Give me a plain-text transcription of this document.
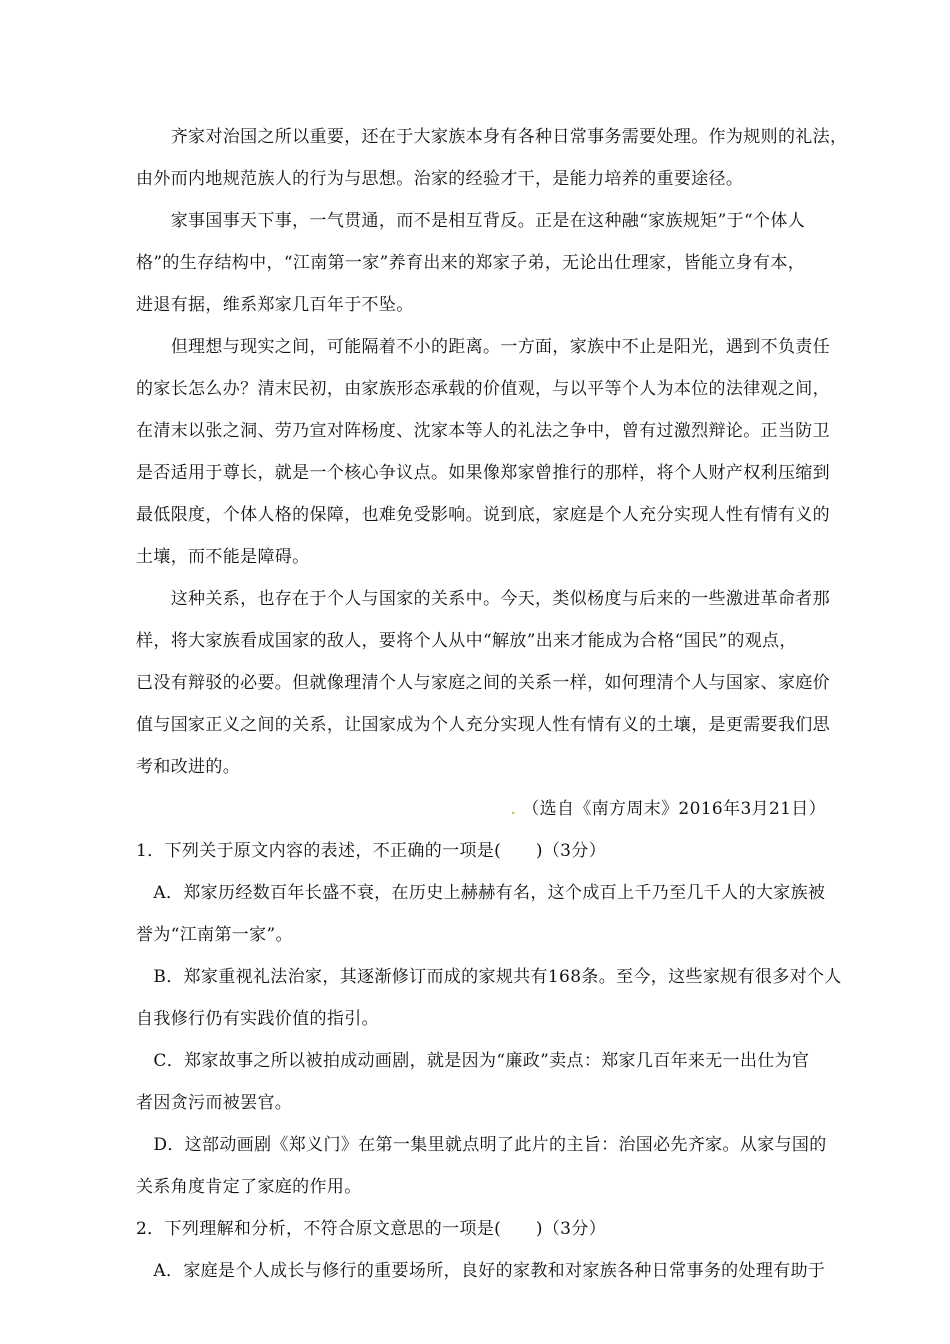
　　齐家对治国之所以重要，还在于大家族本身有各种日常事务需要处理。作为规则的礼法，
由外而内地规范族人的行为与思想。治家的经验才干，是能力培养的重要途径。
　　家事国事天下事，一气贯通，而不是相互背反。正是在这种融“家族规矩”于“个体人
格”的生存结构中，“江南第一家”养育出来的郑家子弟，无论出仕理家，皆能立身有本，
进退有据，维系郑家几百年于不坠。
　　但理想与现实之间，可能隔着不小的距离。一方面，家族中不止是阳光，遇到不负责任
的家长怎么办？清末民初，由家族形态承载的价值观，与以平等个人为本位的法律观之间，
在清末以张之洞、劳乃宣对阵杨度、沈家本等人的礼法之争中，曾有过激烈辩论。正当防卫
是否适用于尊长，就是一个核心争议点。如果像郑家曾推行的那样，将个人财产权利压缩到
最低限度，个体人格的保障，也难免受影响。说到底，家庭是个人充分实现人性有情有义的
土壤，而不能是障碍。
　　这种关系，也存在于个人与国家的关系中。今天，类似杨度与后来的一些激进革命者那
样，将大家族看成国家的敌人，要将个人从中“解放”出来才能成为合格“国民”的观点，
已没有辩驳的必要。但就像理清个人与家庭之间的关系一样，如何理清个人与国家、家庭价
值与国家正义之间的关系，让国家成为个人充分实现人性有情有义的土壤，是更需要我们思
考和改进的。
. （选自《南方周末》2016年3月21日）
1．下列关于原文内容的表述，不正确的一项是(　　)（3分）
　A．郑家历经数百年长盛不衰，在历史上赫赫有名，这个成百上千乃至几千人的大家族被
誉为“江南第一家”。
　B．郑家重视礼法治家，其逐渐修订而成的家规共有168条。至今，这些家规有很多对个人
自我修行仍有实践价值的指引。
　C．郑家故事之所以被拍成动画剧，就是因为“廉政”卖点：郑家几百年来无一出仕为官
者因贪污而被罢官。
　D．这部动画剧《郑义门》在第一集里就点明了此片的主旨：治国必先齐家。从家与国的
关系角度肯定了家庭的作用。
2．下列理解和分析，不符合原文意思的一项是(　　)（3分）
　A．家庭是个人成长与修行的重要场所，良好的家教和对家族各种日常事务的处理有助于
